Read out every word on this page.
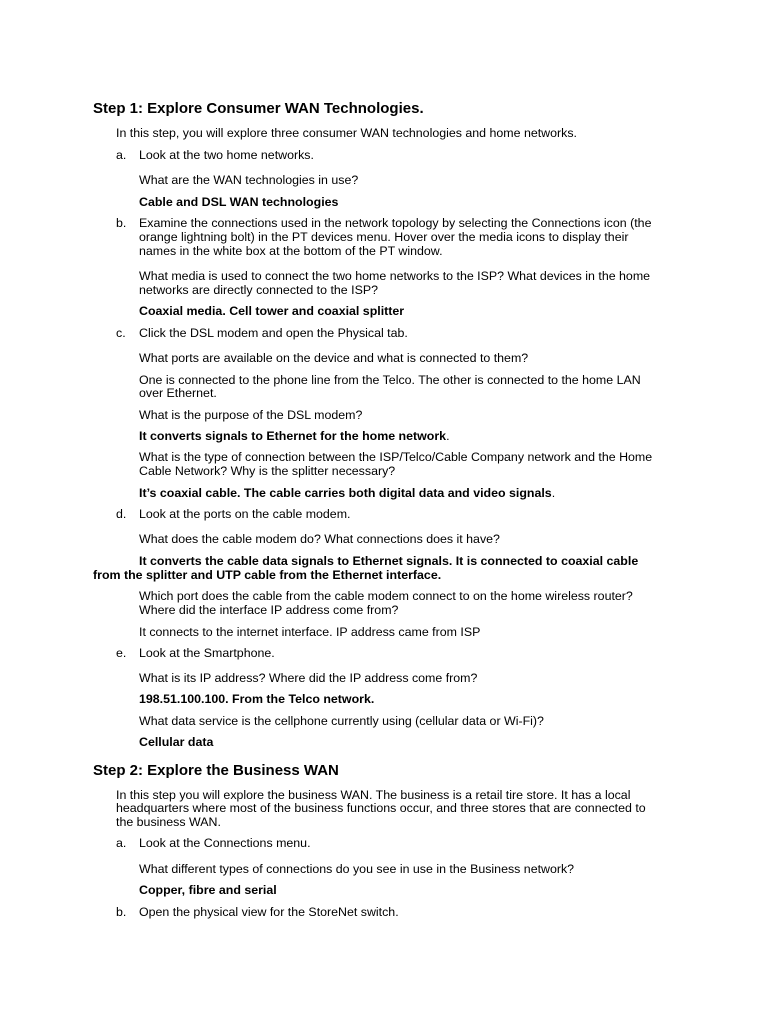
Step 1: Explore Consumer WAN Technologies.
In this step, you will explore three consumer WAN technologies and home networks.
a. Look at the two home networks.
What are the WAN technologies in use?
Cable and DSL WAN technologies
b. Examine the connections used in the network topology by selecting the Connections icon (the
orange lightning bolt) in the PT devices menu. Hover over the media icons to display their
names in the white box at the bottom of the PT window.
What media is used to connect the two home networks to the ISP? What devices in the home
networks are directly connected to the ISP?
Coaxial media. Cell tower and coaxial splitter
c. Click the DSL modem and open the Physical tab.
What ports are available on the device and what is connected to them?
One is connected to the phone line from the Telco. The other is connected to the home LAN
over Ethernet.
What is the purpose of the DSL modem?
It converts signals to Ethernet for the home network.
What is the type of connection between the ISP/Telco/Cable Company network and the Home
Cable Network? Why is the splitter necessary?
It’s coaxial cable. The cable carries both digital data and video signals.
d. Look at the ports on the cable modem.
What does the cable modem do? What connections does it have?
It converts the cable data signals to Ethernet signals. It is connected to coaxial cable
from the splitter and UTP cable from the Ethernet interface.
Which port does the cable from the cable modem connect to on the home wireless router?
Where did the interface IP address come from?
It connects to the internet interface. IP address came from ISP
e. Look at the Smartphone.
What is its IP address? Where did the IP address come from?
198.51.100.100. From the Telco network.
What data service is the cellphone currently using (cellular data or Wi-Fi)?
Cellular data
Step 2: Explore the Business WAN
In this step you will explore the business WAN. The business is a retail tire store. It has a local
headquarters where most of the business functions occur, and three stores that are connected to
the business WAN.
a. Look at the Connections menu.
What different types of connections do you see in use in the Business network?
Copper, fibre and serial
b. Open the physical view for the StoreNet switch.
